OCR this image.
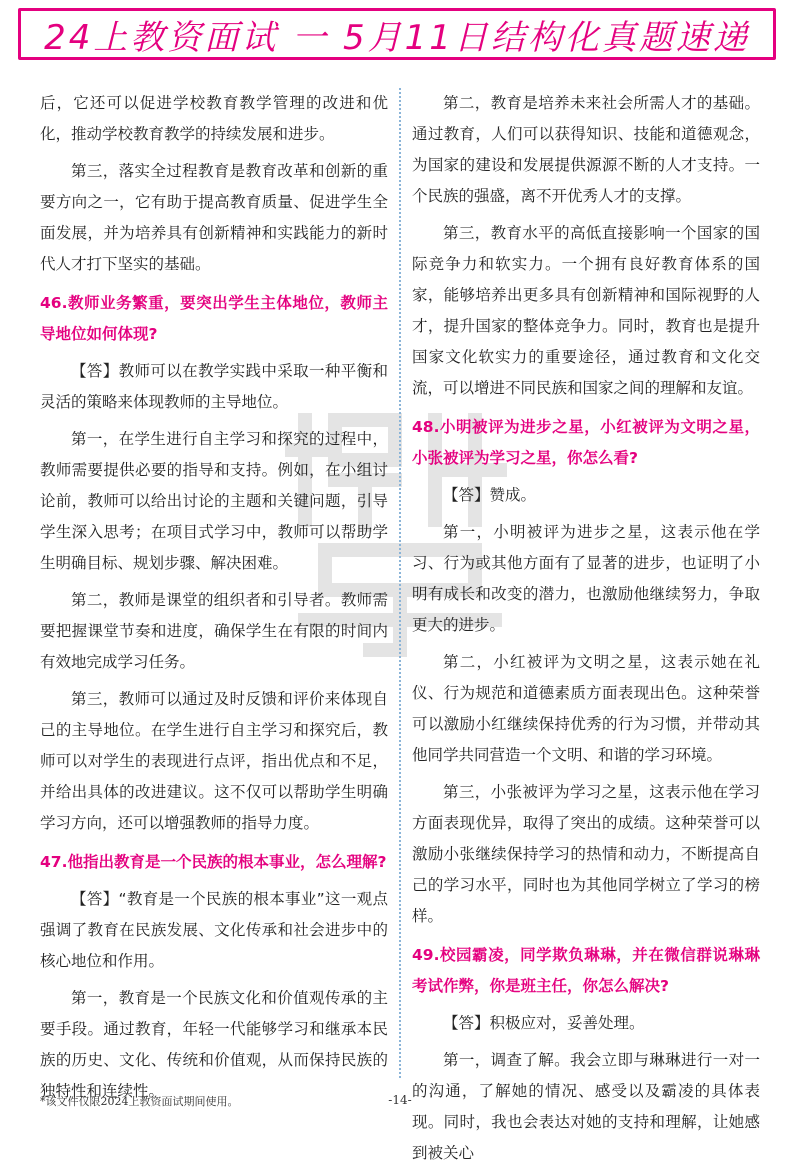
24上教资面试 一 5月11日结构化真题速递

后，它还可以促进学校教育教学管理的改进和优化，推动学校教育教学的持续发展和进步。

第三，落实全过程教育是教育改革和创新的重要方向之一，它有助于提高教育质量、促进学生全面发展，并为培养具有创新精神和实践能力的新时代人才打下坚实的基础。

46.教师业务繁重，要突出学生主体地位，教师主导地位如何体现?

【答】教师可以在教学实践中采取一种平衡和灵活的策略来体现教师的主导地位。

第一，在学生进行自主学习和探究的过程中，教师需要提供必要的指导和支持。例如，在小组讨论前，教师可以给出讨论的主题和关键问题，引导学生深入思考；在项目式学习中，教师可以帮助学生明确目标、规划步骤、解决困难。

第二，教师是课堂的组织者和引导者。教师需要把握课堂节奏和进度，确保学生在有限的时间内有效地完成学习任务。

第三，教师可以通过及时反馈和评价来体现自己的主导地位。在学生进行自主学习和探究后，教师可以对学生的表现进行点评，指出优点和不足，并给出具体的改进建议。这不仅可以帮助学生明确学习方向，还可以增强教师的指导力度。

47.他指出教育是一个民族的根本事业，怎么理解?

【答】“教育是一个民族的根本事业”这一观点强调了教育在民族发展、文化传承和社会进步中的核心地位和作用。

第一，教育是一个民族文化和价值观传承的主要手段。通过教育，年轻一代能够学习和继承本民族的历史、文化、传统和价值观，从而保持民族的独特性和连续性。

第二，教育是培养未来社会所需人才的基础。通过教育，人们可以获得知识、技能和道德观念，为国家的建设和发展提供源源不断的人才支持。一个民族的强盛，离不开优秀人才的支撑。

第三，教育水平的高低直接影响一个国家的国际竞争力和软实力。一个拥有良好教育体系的国家，能够培养出更多具有创新精神和国际视野的人才，提升国家的整体竞争力。同时，教育也是提升国家文化软实力的重要途径，通过教育和文化交流，可以增进不同民族和国家之间的理解和友谊。

48.小明被评为进步之星，小红被评为文明之星，小张被评为学习之星，你怎么看?

【答】赞成。

第一，小明被评为进步之星，这表示他在学习、行为或其他方面有了显著的进步，也证明了小明有成长和改变的潜力，也激励他继续努力，争取更大的进步。

第二，小红被评为文明之星，这表示她在礼仪、行为规范和道德素质方面表现出色。这种荣誉可以激励小红继续保持优秀的行为习惯，并带动其他同学共同营造一个文明、和谐的学习环境。

第三，小张被评为学习之星，这表示他在学习方面表现优异，取得了突出的成绩。这种荣誉可以激励小张继续保持学习的热情和动力，不断提高自己的学习水平，同时也为其他同学树立了学习的榜样。

49.校园霸凌，同学欺负琳琳，并在微信群说琳琳考试作弊，你是班主任，你怎么解决?

【答】积极应对，妥善处理。

第一，调查了解。我会立即与琳琳进行一对一的沟通，了解她的情况、感受以及霸凌的具体表现。同时，我也会表达对她的支持和理解，让她感到被关心

*该文件仅限2024上教资面试期间使用。	-14-
